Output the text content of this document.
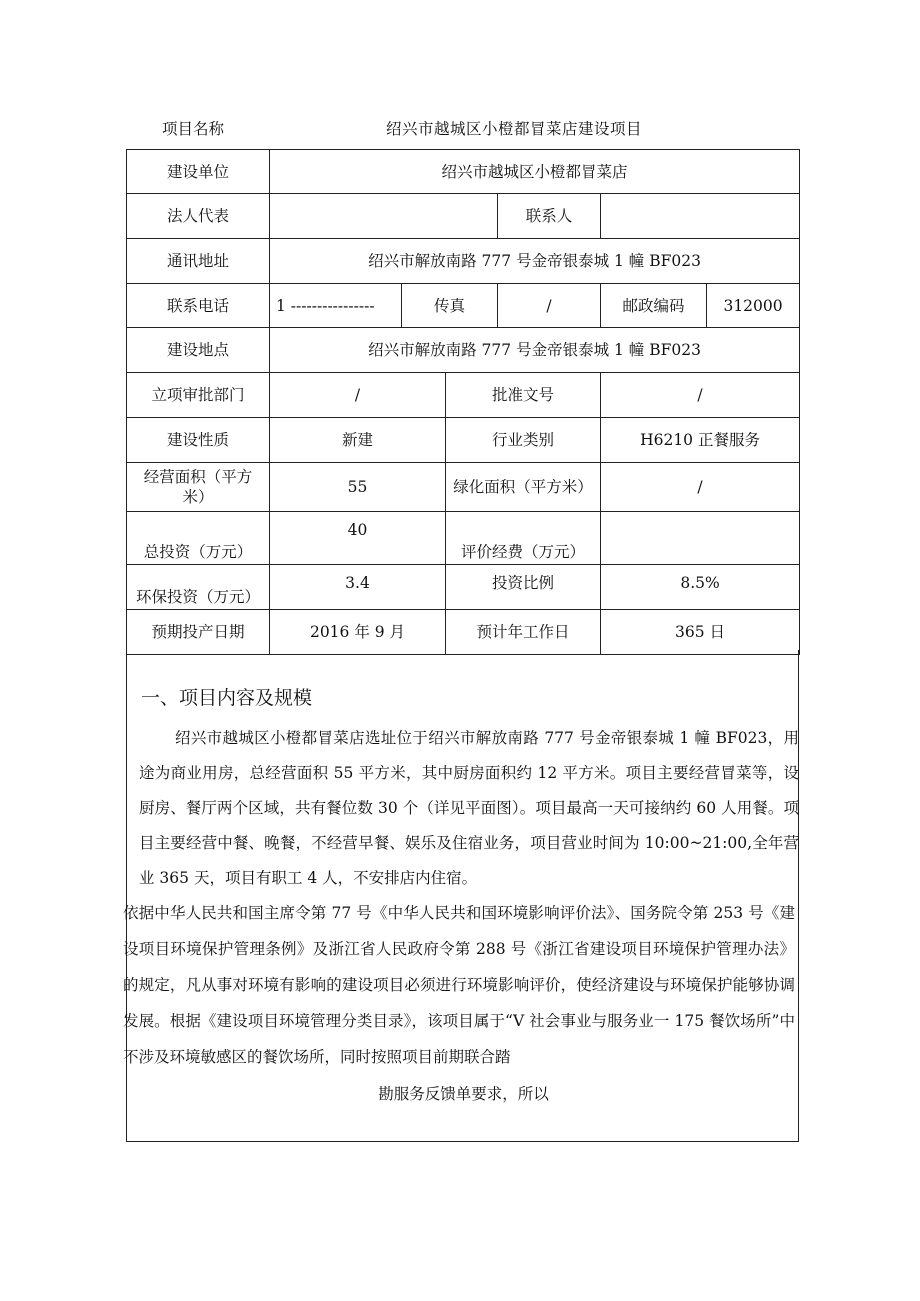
项目名称	绍兴市越城区小橙都冒菜店建设项目
建设单位	绍兴市越城区小橙都冒菜店					
法人代表				联系人		
通讯地址	绍兴市解放南路 777 号金帝银泰城 1 幢 BF023					
联系电话	1 ----------------	传真		/	邮政编码	312000
建设地点	绍兴市解放南路 777 号金帝银泰城 1 幢 BF023					
立项审批部门	/		批准文号		/	
建设性质	新建		行业类别		H6210 正餐服务	
经营面积（平方米）	55		绿化面积（平方米）		/	
总投资（万元）	40		评价经费（万元）			
环保投资（万元）	3.4		投资比例		8.5%	
预期投产日期	2016 年 9 月		预计年工作日		365 日	
一、项目内容及规模

绍兴市越城区小橙都冒菜店选址位于绍兴市解放南路 777 号金帝银泰城 1 幢 BF023，用途为商业用房，总经营面积 55 平方米，其中厨房面积约 12 平方米。项目主要经营冒菜等，设厨房、餐厅两个区域，共有餐位数 30 个（详见平面图）。项目最高一天可接纳约 60 人用餐。项目主要经营中餐、晚餐，不经营早餐、娱乐及住宿业务，项目营业时间为 10:00~21:00,全年营业 365 天，项目有职工 4 人，不安排店内住宿。

依据中华人民共和国主席令第 77 号《中华人民共和国环境影响评价法》、国务院令第 253 号《建设项目环境保护管理条例》及浙江省人民政府令第 288 号《浙江省建设项目环境保护管理办法》的规定，凡从事对环境有影响的建设项目必须进行环境影响评价，使经济建设与环境保护能够协调发展。根据《建设项目环境管理分类目录》，该项目属于“V 社会事业与服务业一 175 餐饮场所”中不涉及环境敏感区的餐饮场所，同时按照项目前期联合踏

勘服务反馈单要求，所以
